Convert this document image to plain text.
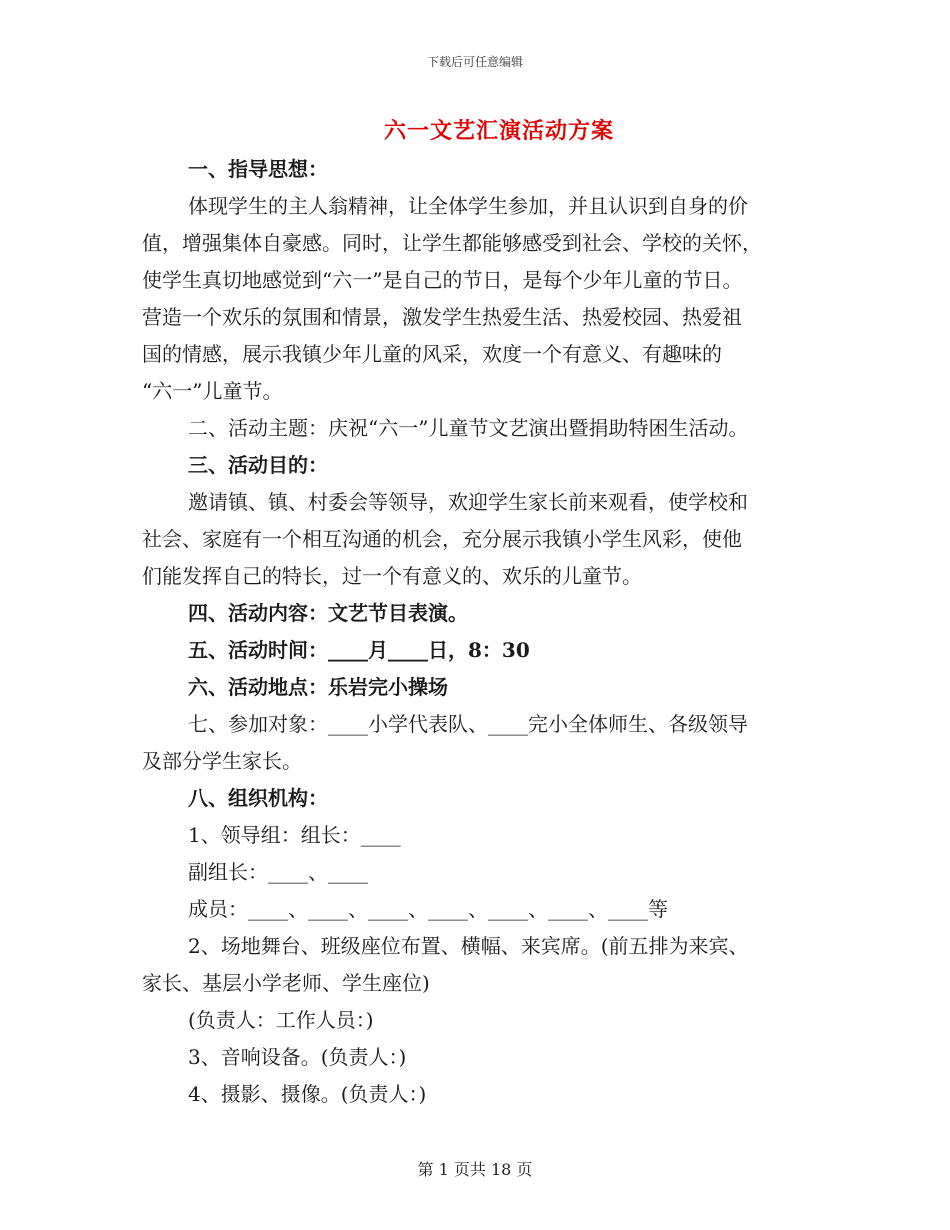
下载后可任意编辑
六一文艺汇演活动方案
一、指导思想：
体现学生的主人翁精神，让全体学生参加，并且认识到自身的价
值，增强集体自豪感。同时，让学生都能够感受到社会、学校的关怀，
使学生真切地感觉到“六一”是自己的节日，是每个少年儿童的节日。
营造一个欢乐的氛围和情景，激发学生热爱生活、热爱校园、热爱祖
国的情感，展示我镇少年儿童的风采，欢度一个有意义、有趣味的
“六一”儿童节。
二、活动主题：庆祝“六一”儿童节文艺演出暨捐助特困生活动。
三、活动目的：
邀请镇、镇、村委会等领导，欢迎学生家长前来观看，使学校和
社会、家庭有一个相互沟通的机会，充分展示我镇小学生风彩，使他
们能发挥自己的特长，过一个有意义的、欢乐的儿童节。
四、活动内容：文艺节目表演。
五、活动时间：____月____日，8：30
六、活动地点：乐岩完小操场
七、参加对象：____小学代表队、____完小全体师生、各级领导
及部分学生家长。
八、组织机构：
1、领导组：组长：____
副组长：____、____
成员：____、____、____、____、____、____、____等
2、场地舞台、班级座位布置、横幅、来宾席。(前五排为来宾、
家长、基层小学老师、学生座位)
(负责人：工作人员：)
3、音响设备。(负责人：)
4、摄影、摄像。(负责人：)
第 1 页共 18 页
